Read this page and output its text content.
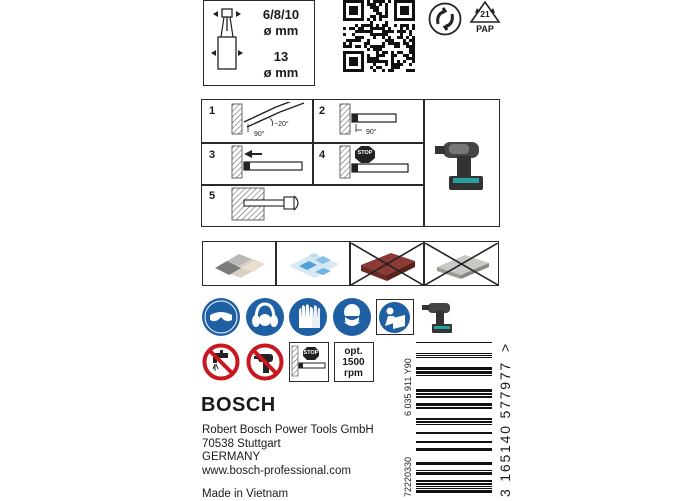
6/8/10
ø mm
13
ø mm
21
PAP
1
~20°
90°
2
90°
3	4	STOP
5
STOP	opt.
1500
rpm
BOSCH
Robert Bosch Power Tools GmbH
70538 Stuttgart
GERMANY
www.bosch-professional.com
Made in Vietnam
6 035 911 Y90
72220330	3 165140 577977
>
